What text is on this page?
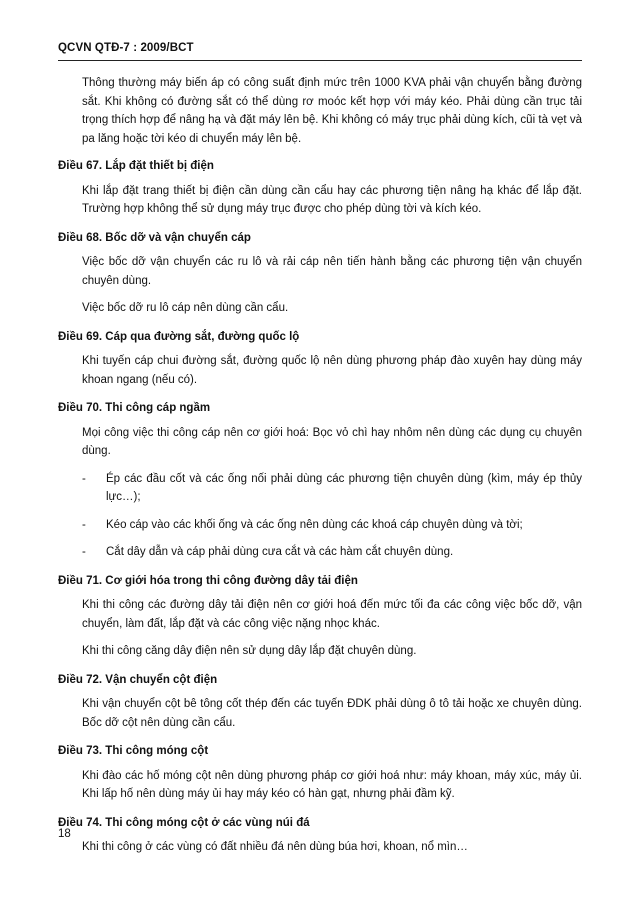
QCVN QTĐ-7 : 2009/BCT

Thông thường máy biến áp có công suất định mức trên 1000 KVA phải vận chuyển bằng đường sắt. Khi không có đường sắt có thể dùng rơ moóc kết hợp với máy kéo. Phải dùng cần trục tải trọng thích hợp để nâng hạ và đặt máy lên bệ. Khi không có máy trục phải dùng kích, cũi tà vẹt và pa lăng hoặc tời kéo di chuyển máy lên bệ.

Điều 67. Lắp đặt thiết bị điện

Khi lắp đặt trang thiết bị điện cần dùng cần cẩu hay các phương tiện nâng hạ khác để lắp đặt. Trường hợp không thể sử dụng máy trục được cho phép dùng tời và kích kéo.

Điều 68. Bốc dỡ và vận chuyển cáp

Việc bốc dỡ vận chuyển các ru lô và rải cáp nên tiến hành bằng các phương tiện vận chuyển chuyên dùng.

Việc bốc dỡ ru lô cáp nên dùng cần cẩu.

Điều 69. Cáp qua đường sắt, đường quốc lộ

Khi tuyến cáp chui đường sắt, đường quốc lộ nên dùng phương pháp đào xuyên hay dùng máy khoan ngang (nếu có).

Điều 70. Thi công cáp ngầm

Mọi công việc thi công cáp nên cơ giới hoá: Bọc vỏ chì hay nhôm nên dùng các dụng cụ chuyên dùng.

-	Ép các đầu cốt và các ống nối phải dùng các phương tiện chuyên dùng (kìm, máy ép thủy lực…);
-	Kéo cáp vào các khối ống và các ống nên dùng các khoá cáp chuyên dùng và tời;
-	Cắt dây dẫn và cáp phải dùng cưa cắt và các hàm cắt chuyên dùng.
Điều 71. Cơ giới hóa trong thi công đường dây tải điện

Khi thi công các đường dây tải điện nên cơ giới hoá đến mức tối đa các công việc bốc dỡ, vận chuyển, làm đất, lắp đặt và các công việc nặng nhọc khác.

Khi thi công căng dây điện nên sử dụng dây lắp đặt chuyên dùng.

Điều 72. Vận chuyển cột điện

Khi vận chuyển cột bê tông cốt thép đến các tuyến ĐDK phải dùng ô tô tải hoặc xe chuyên dùng. Bốc dỡ cột nên dùng cần cẩu.

Điều 73. Thi công móng cột

Khi đào các hố móng cột nên dùng phương pháp cơ giới hoá như: máy khoan, máy xúc, máy ủi. Khi lấp hố nên dùng máy ủi hay máy kéo có hàn gạt, nhưng phải đầm kỹ.

Điều 74. Thi công móng cột ở các vùng núi đá

Khi thi công ở các vùng có đất nhiều đá nên dùng búa hơi, khoan, nổ mìn…

18
